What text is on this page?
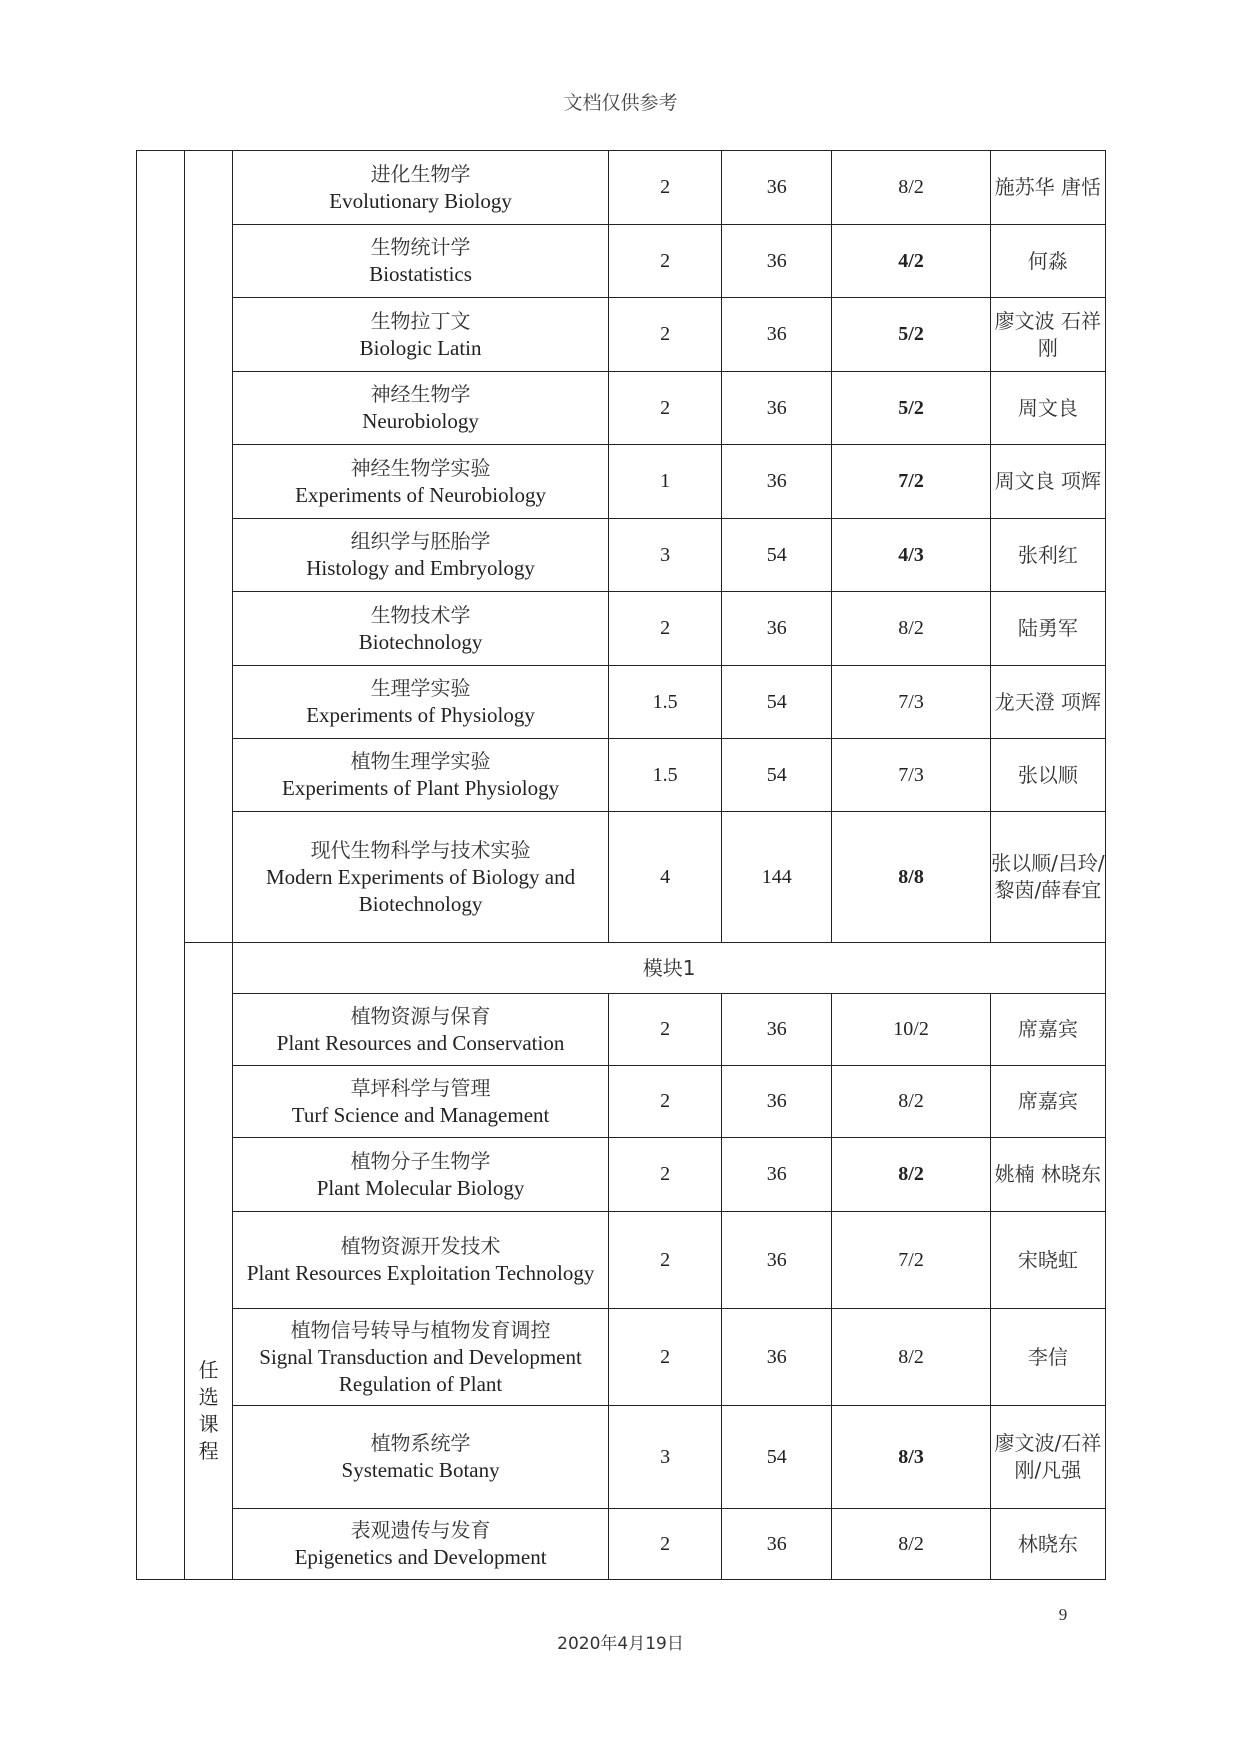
文档仅供参考

		进化生物学
Evolutionary Biology	2	36	8/2	施苏华 唐恬

		生物统计学
Biostatistics	2	36	4/2	何淼

		生物拉丁文
Biologic Latin	2	36	5/2	廖文波 石祥刚

		神经生物学
Neurobiology	2	36	5/2	周文良

		神经生物学实验
Experiments of Neurobiology	1	36	7/2	周文良 项辉

		组织学与胚胎学
Histology and Embryology	3	54	4/3	张利红

		生物技术学
Biotechnology	2	36	8/2	陆勇军

		生理学实验
Experiments of Physiology	1.5	54	7/3	龙天澄 项辉

		植物生理学实验
Experiments of Plant Physiology	1.5	54	7/3	张以顺

		现代生物科学与技术实验
Modern Experiments of Biology and Biotechnology	4	144	8/8	张以顺/吕玲/黎茵/薛春宜

	任选课程	模块1				

		植物资源与保育
Plant Resources and Conservation	2	36	10/2	席嘉宾

		草坪科学与管理
Turf Science and Management	2	36	8/2	席嘉宾

		植物分子生物学
Plant Molecular Biology	2	36	8/2	姚楠 林晓东

		植物资源开发技术
Plant Resources Exploitation Technology	2	36	7/2	宋晓虹

		植物信号转导与植物发育调控
Signal Transduction and Development Regulation of Plant	2	36	8/2	李信

		植物系统学
Systematic Botany	3	54	8/3	廖文波/石祥刚/凡强

		表观遗传与发育
Epigenetics and Development	2	36	8/2	林晓东
9
2020年4月19日
